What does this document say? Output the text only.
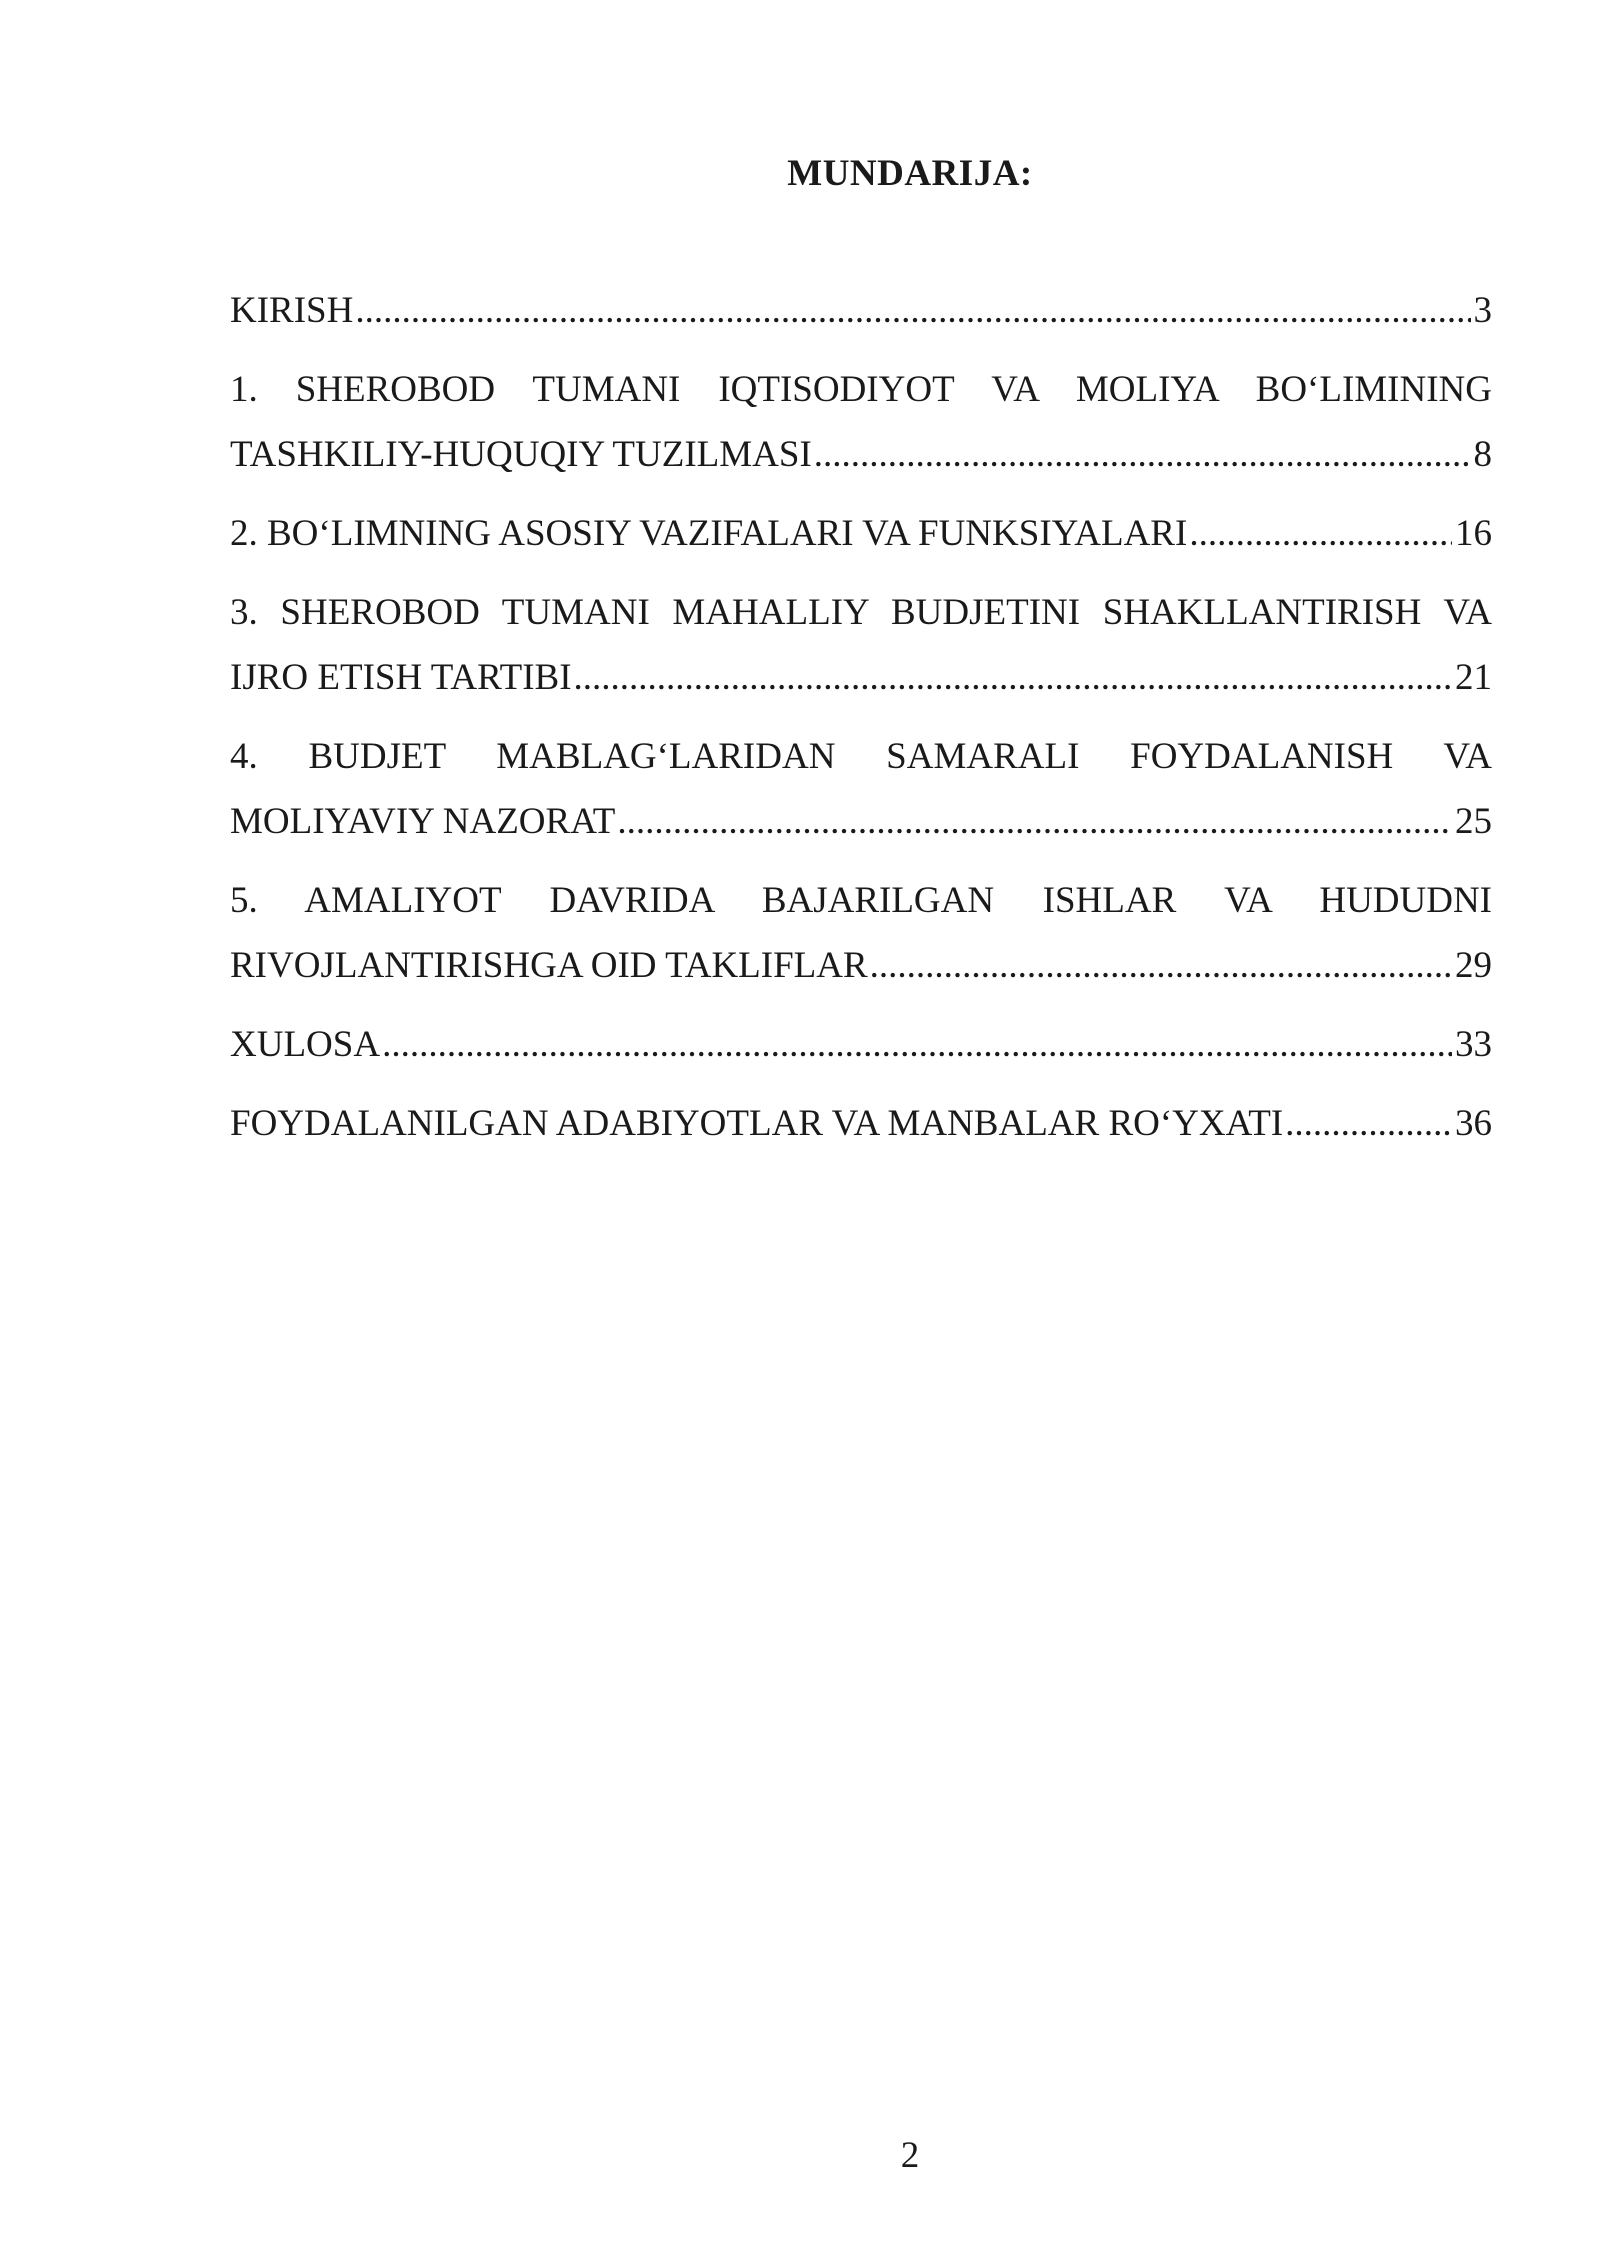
MUNDARIJA:
KIRISH .....	3
1. SHEROBOD TUMANI IQTISODIYOT VA MOLIYA BO‘LIMINING
TASHKILIY-HUQUQIY TUZILMASI .....	8
2. BO‘LIMNING ASOSIY VAZIFALARI VA FUNKSIYALARI .....	16
3. SHEROBOD TUMANI MAHALLIY BUDJETINI SHAKLLANTIRISH VA
IJRO ETISH TARTIBI .....	21
4. BUDJET MABLAG‘LARIDAN SAMARALI FOYDALANISH VA
MOLIYAVIY NAZORAT .....	25
5. AMALIYOT DAVRIDA BAJARILGAN ISHLAR VA HUDUDNI
RIVOJLANTIRISHGA OID TAKLIFLAR .....	29
XULOSA .....	33
FOYDALANILGAN ADABIYOTLAR VA MANBALAR RO‘YXATI .....	36
2
